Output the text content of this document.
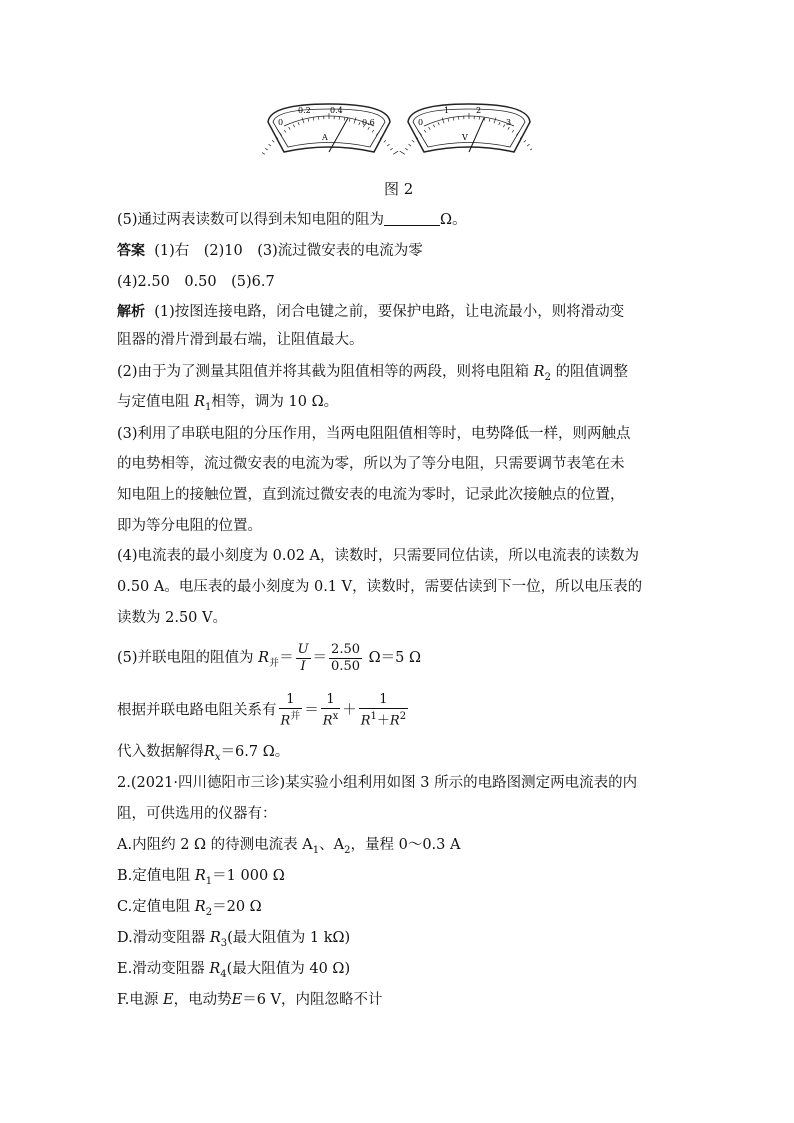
0
0.2 0.4
0.6
A
0
1	2
3
V
图 2
(5)通过两表读数可以得到未知电阻的阻为	Ω。
答案 (1)右　(2)10　(3)流过微安表的电流为零
(4)2.50　0.50　(5)6.7
解析 (1)按图连接电路，闭合电键之前，要保护电路，让电流最小，则将滑动变
阻器的滑片滑到最右端，让阻值最大。
(2)由于为了测量其阻值并将其截为阻值相等的两段，则将电阻箱 $R_2$ 的阻值调整
与定值电阻 $R_1$相等，调为 10 Ω。
(3)利用了串联电阻的分压作用，当两电阻阻值相等时，电势降低一样，则两触点
的电势相等，流过微安表的电流为零，所以为了等分电阻，只需要调节表笔在未
知电阻上的接触位置，直到流过微安表的电流为零时，记录此次接触点的位置，
即为等分电阻的位置。
(4)电流表的最小刻度为 0.02 A，读数时，只需要同位估读，所以电流表的读数为
0.50 A。电压表的最小刻度为 0.1 V，读数时，需要估读到下一位，所以电压表的
读数为 2.50 V。
(5)并联电阻的阻值为 $R_并= \frac{U}{I} = \frac{2.50}{0.50} \Omega=5$ Ω
根据并联电路电阻关系有 $\frac{1}{R^并} = \frac{1}{R^x} + \frac{1}{R^1+R^2}$
代入数据解得$R_x=6.7$ Ω。
2.(2021·四川德阳市三诊)某实验小组利用如图 3 所示的电路图测定两电流表的内
阻，可供选用的仪器有：
A.内阻约 2 Ω 的待测电流表 $A_1$、$A_2$，量程 0～0.3 A
B.定值电阻 $R_1=1$ 000 Ω
C.定值电阻 $R_2=20$ Ω
D.滑动变阻器 $R_3$(最大阻值为 1 kΩ)
E.滑动变阻器 $R_4$(最大阻值为 40 Ω)
F.电源 E，电动势E＝6 V，内阻忽略不计
